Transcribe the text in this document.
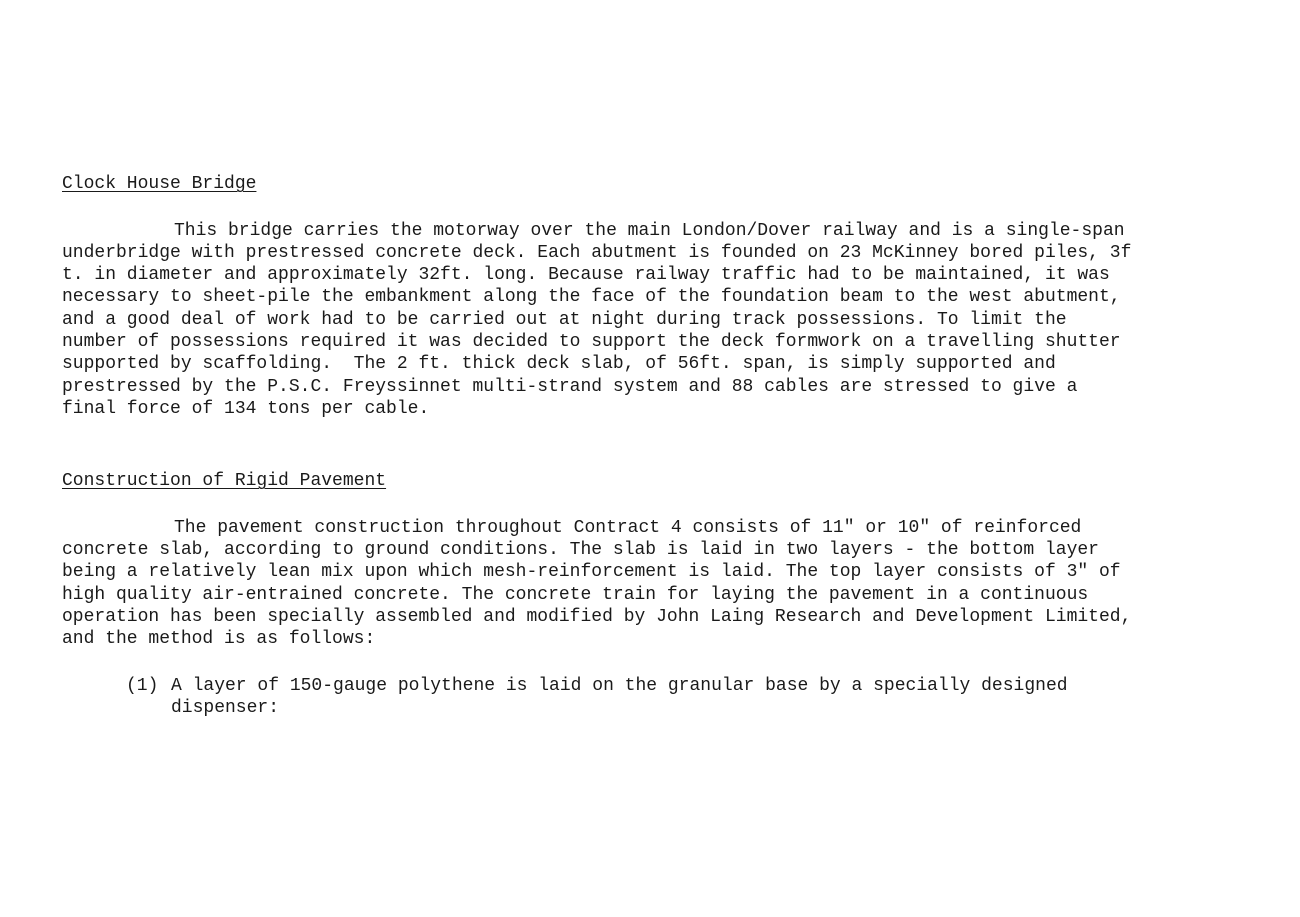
Clock House Bridge
This bridge carries the motorway over the main London/Dover railway and is a single-span
underbridge with prestressed concrete deck. Each abutment is founded on 23 McKinney bored piles, 3f
t. in diameter and approximately 32ft. long. Because railway traffic had to be maintained, it was
necessary to sheet-pile the embankment along the face of the foundation beam to the west abutment,
and a good deal of work had to be carried out at night during track possessions. To limit the
number of possessions required it was decided to support the deck formwork on a travelling shutter
supported by scaffolding.  The 2 ft. thick deck slab, of 56ft. span, is simply supported and
prestressed by the P.S.C. Freyssinnet multi-strand system and 88 cables are stressed to give a
final force of 134 tons per cable.
Construction of Rigid Pavement
The pavement construction throughout Contract 4 consists of 11" or 10" of reinforced
concrete slab, according to ground conditions. The slab is laid in two layers - the bottom layer
being a relatively lean mix upon which mesh-reinforcement is laid. The top layer consists of 3" of
high quality air-entrained concrete. The concrete train for laying the pavement in a continuous
operation has been specially assembled and modified by John Laing Research and Development Limited,
and the method is as follows:
(1) A layer of 150-gauge polythene is laid on the granular base by a specially designed
dispenser:
